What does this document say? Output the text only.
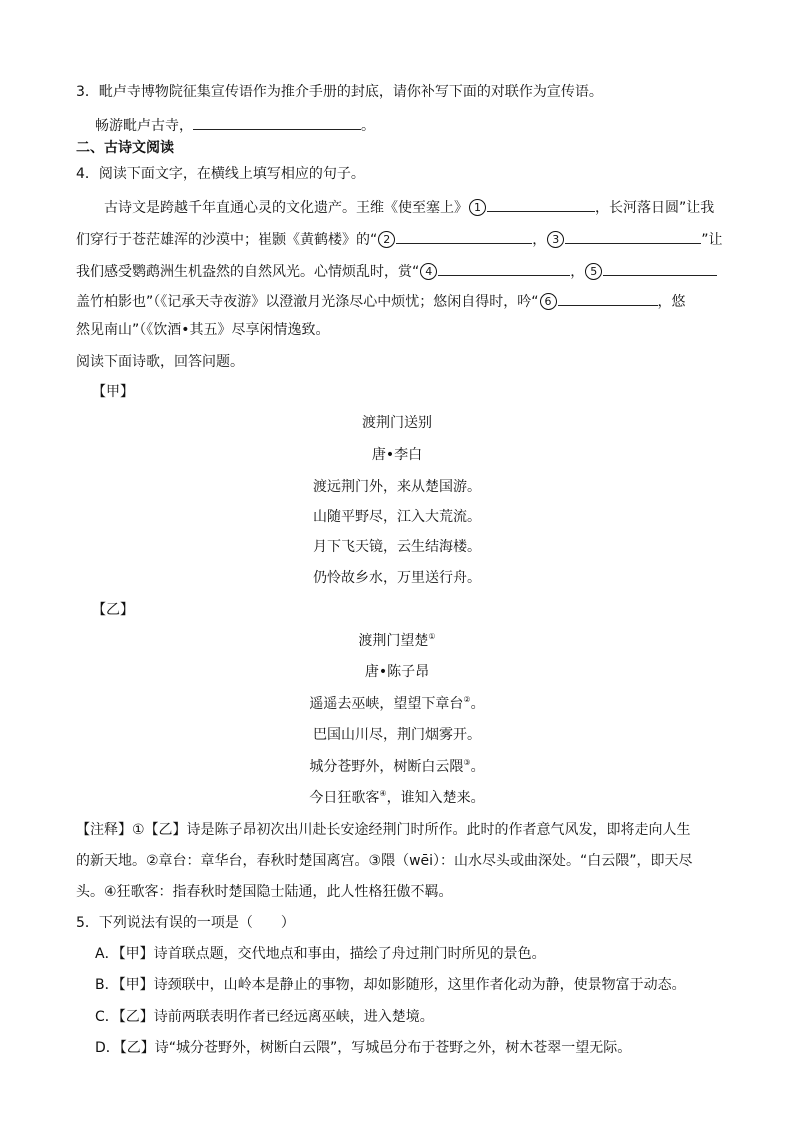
3．毗卢寺博物院征集宣传语作为推介手册的封底，请你补写下面的对联作为宣传语。
畅游毗卢古寺，	。
二、古诗文阅读
4．阅读下面文字，在横线上填写相应的句子。
古诗文是跨越千年直通心灵的文化遗产。王维《使至塞上》 1	，长河落日圆”让我
们穿行于苍茫雄浑的沙漠中；崔颢《黄鹤楼》的“ 2	， 3	”让
我们感受鹦鹉洲生机盎然的自然风光。心情烦乱时，赏“ 4	， 5
盖竹柏影也”（《记承天寺夜游》以澄澈月光涤尽心中烦忧；悠闲自得时，吟“ 6	，悠
然见南山”（《饮酒•其五》尽享闲情逸致。
阅读下面诗歌，回答问题。
【甲】
渡荆门送别
唐•李白
渡远荆门外，来从楚国游。
山随平野尽，江入大荒流。
月下飞天镜，云生结海楼。
仍怜故乡水，万里送行舟。
【乙】
渡荆门望楚①
唐•陈子昂
遥遥去巫峡，望望下章台②。
巴国山川尽，荆门烟雾开。
城分苍野外，树断白云隈③。
今日狂歌客④，谁知入楚来。
【注释】①【乙】诗是陈子昂初次出川赴长安途经荆门时所作。此时的作者意气风发，即将走向人生
的新天地。②章台：章华台，春秋时楚国离宫。③隈（wēi）：山水尽头或曲深处。“白云隈”，即天尽
头。④狂歌客：指春秋时楚国隐士陆通，此人性格狂傲不羁。
5．下列说法有误的一项是（　　）
A．【甲】诗首联点题，交代地点和事由，描绘了舟过荆门时所见的景色。
B．【甲】诗颈联中，山岭本是静止的事物，却如影随形，这里作者化动为静，使景物富于动态。
C．【乙】诗前两联表明作者已经远离巫峡，进入楚境。
D．【乙】诗“城分苍野外，树断白云隈”，写城邑分布于苍野之外，树木苍翠一望无际。
